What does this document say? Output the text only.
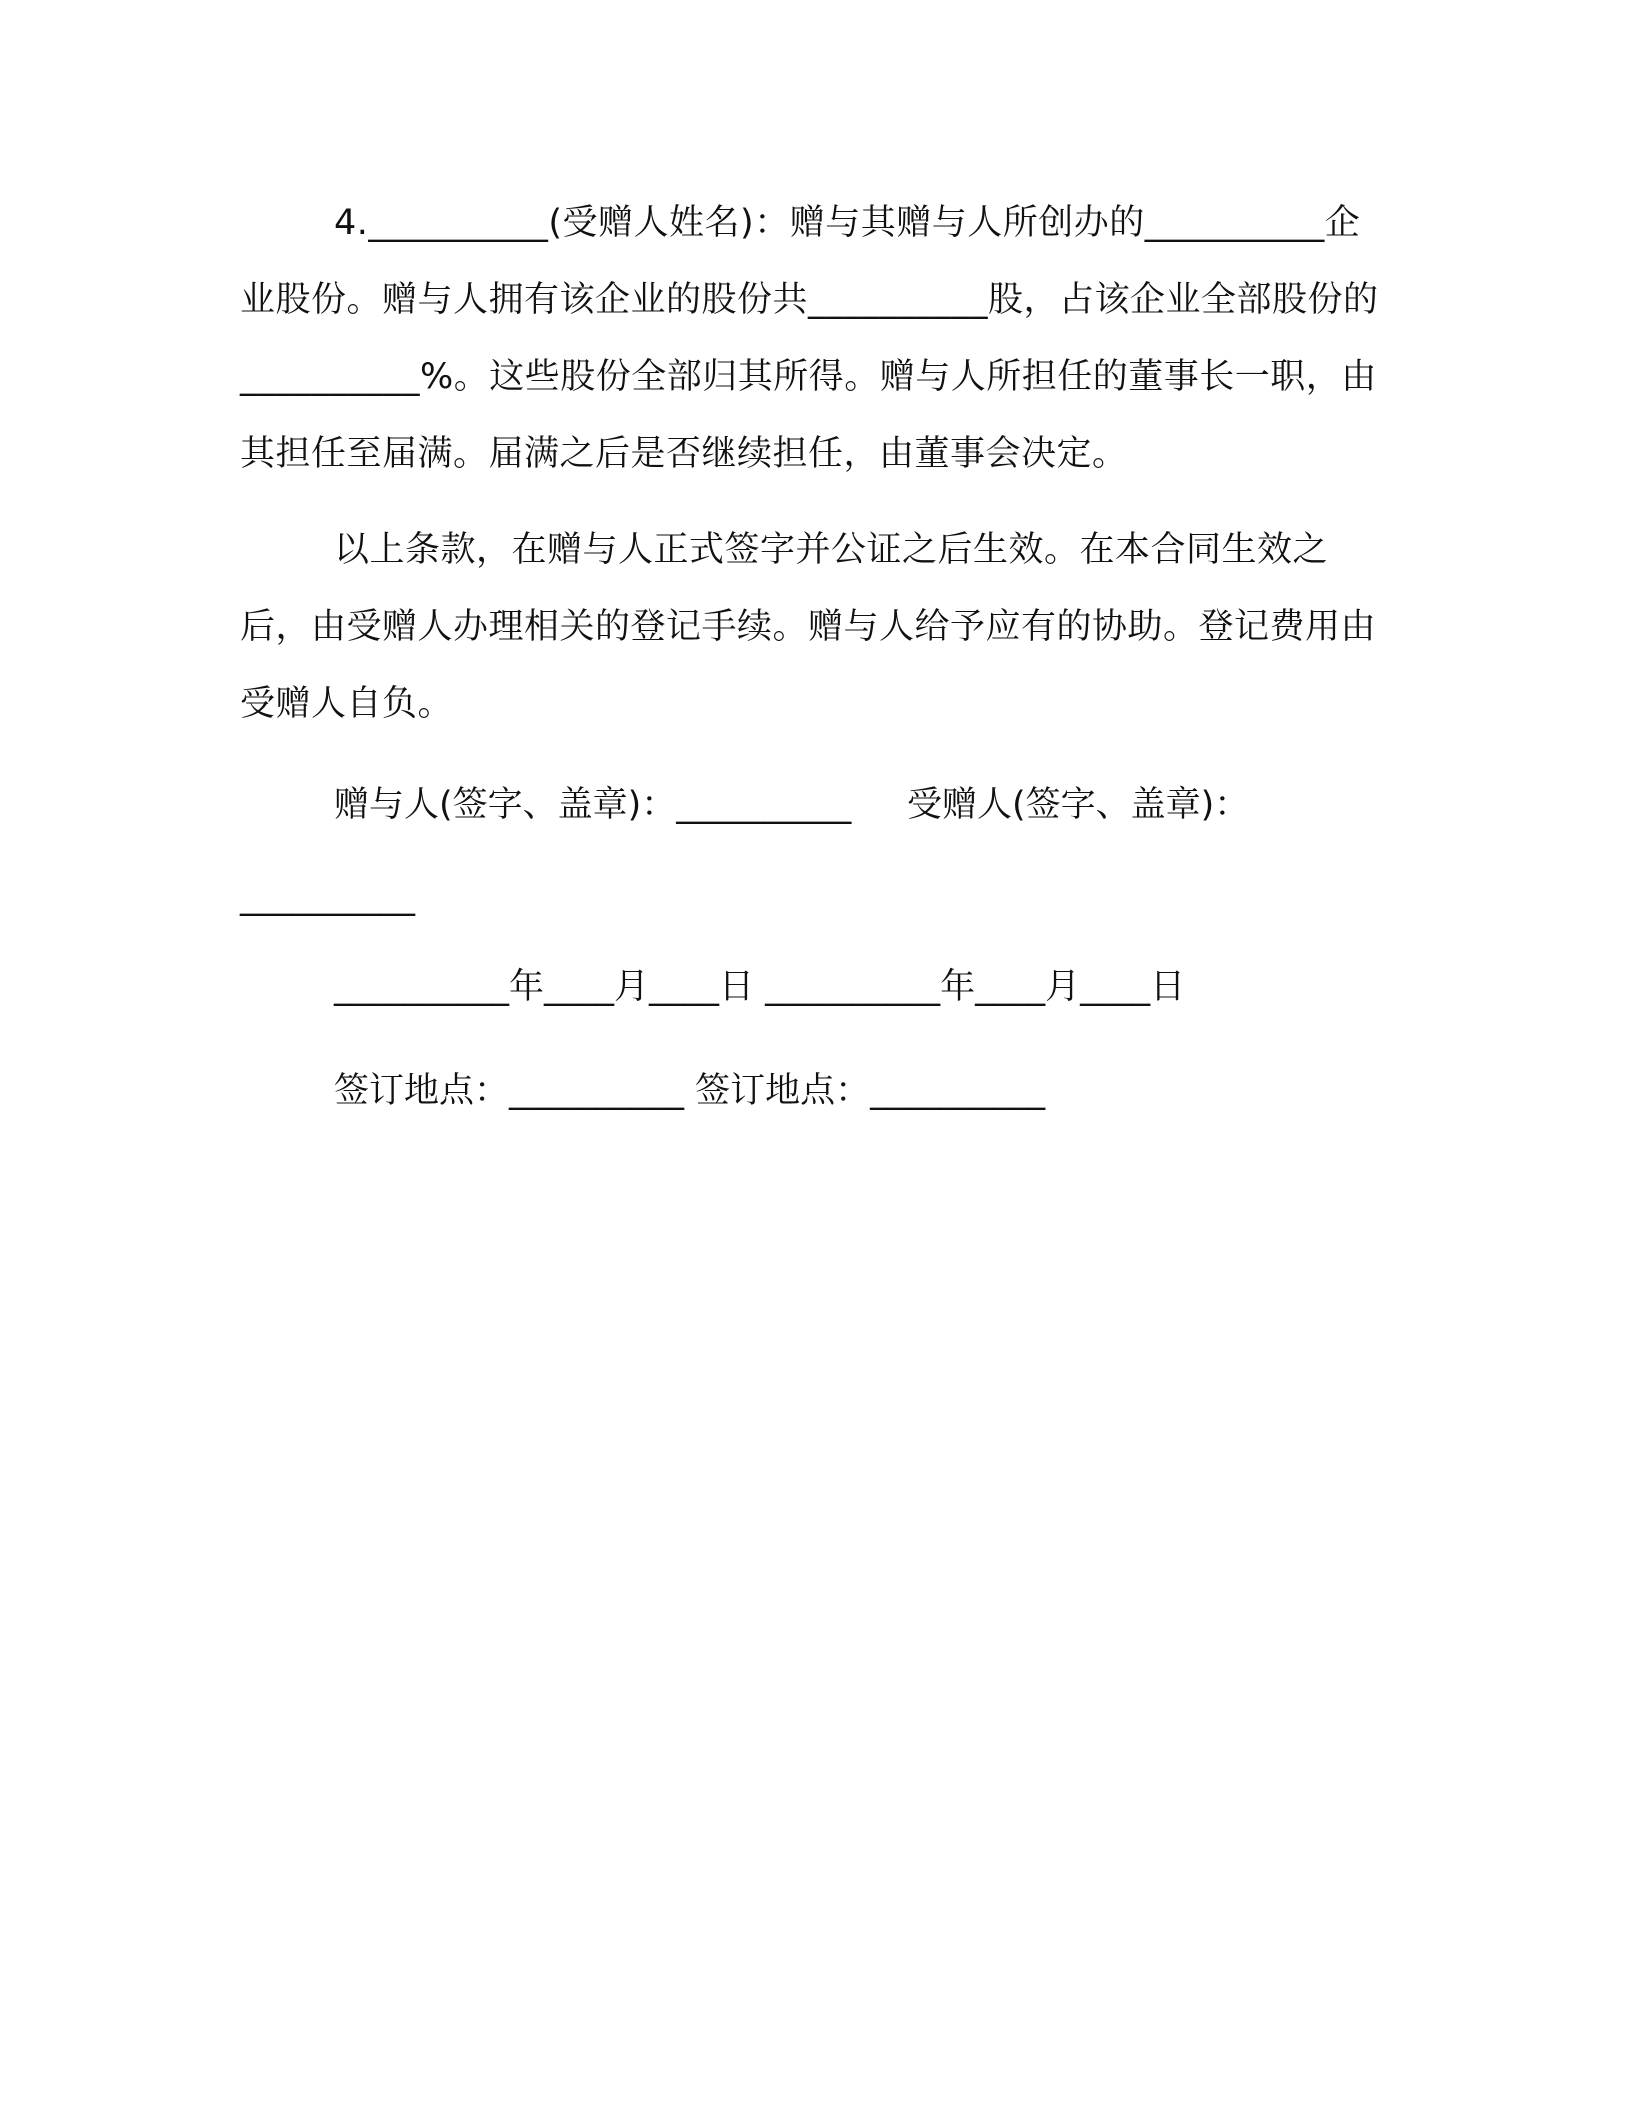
4.__________(受赠人姓名)：赠与其赠与人所创办的__________企业股份。赠与人拥有该企业的股份共__________股，占该企业全部股份的__________%。这些股份全部归其所得。赠与人所担任的董事长一职，由其担任至届满。届满之后是否继续担任，由董事会决定。

以上条款，在赠与人正式签字并公证之后生效。在本合同生效之后，由受赠人办理相关的登记手续。赠与人给予应有的协助。登记费用由受赠人自负。

赠与人(签字、盖章)：__________     受赠人(签字、盖章)：

__________

__________年____月____日 __________年____月____日

签订地点：__________ 签订地点：__________
